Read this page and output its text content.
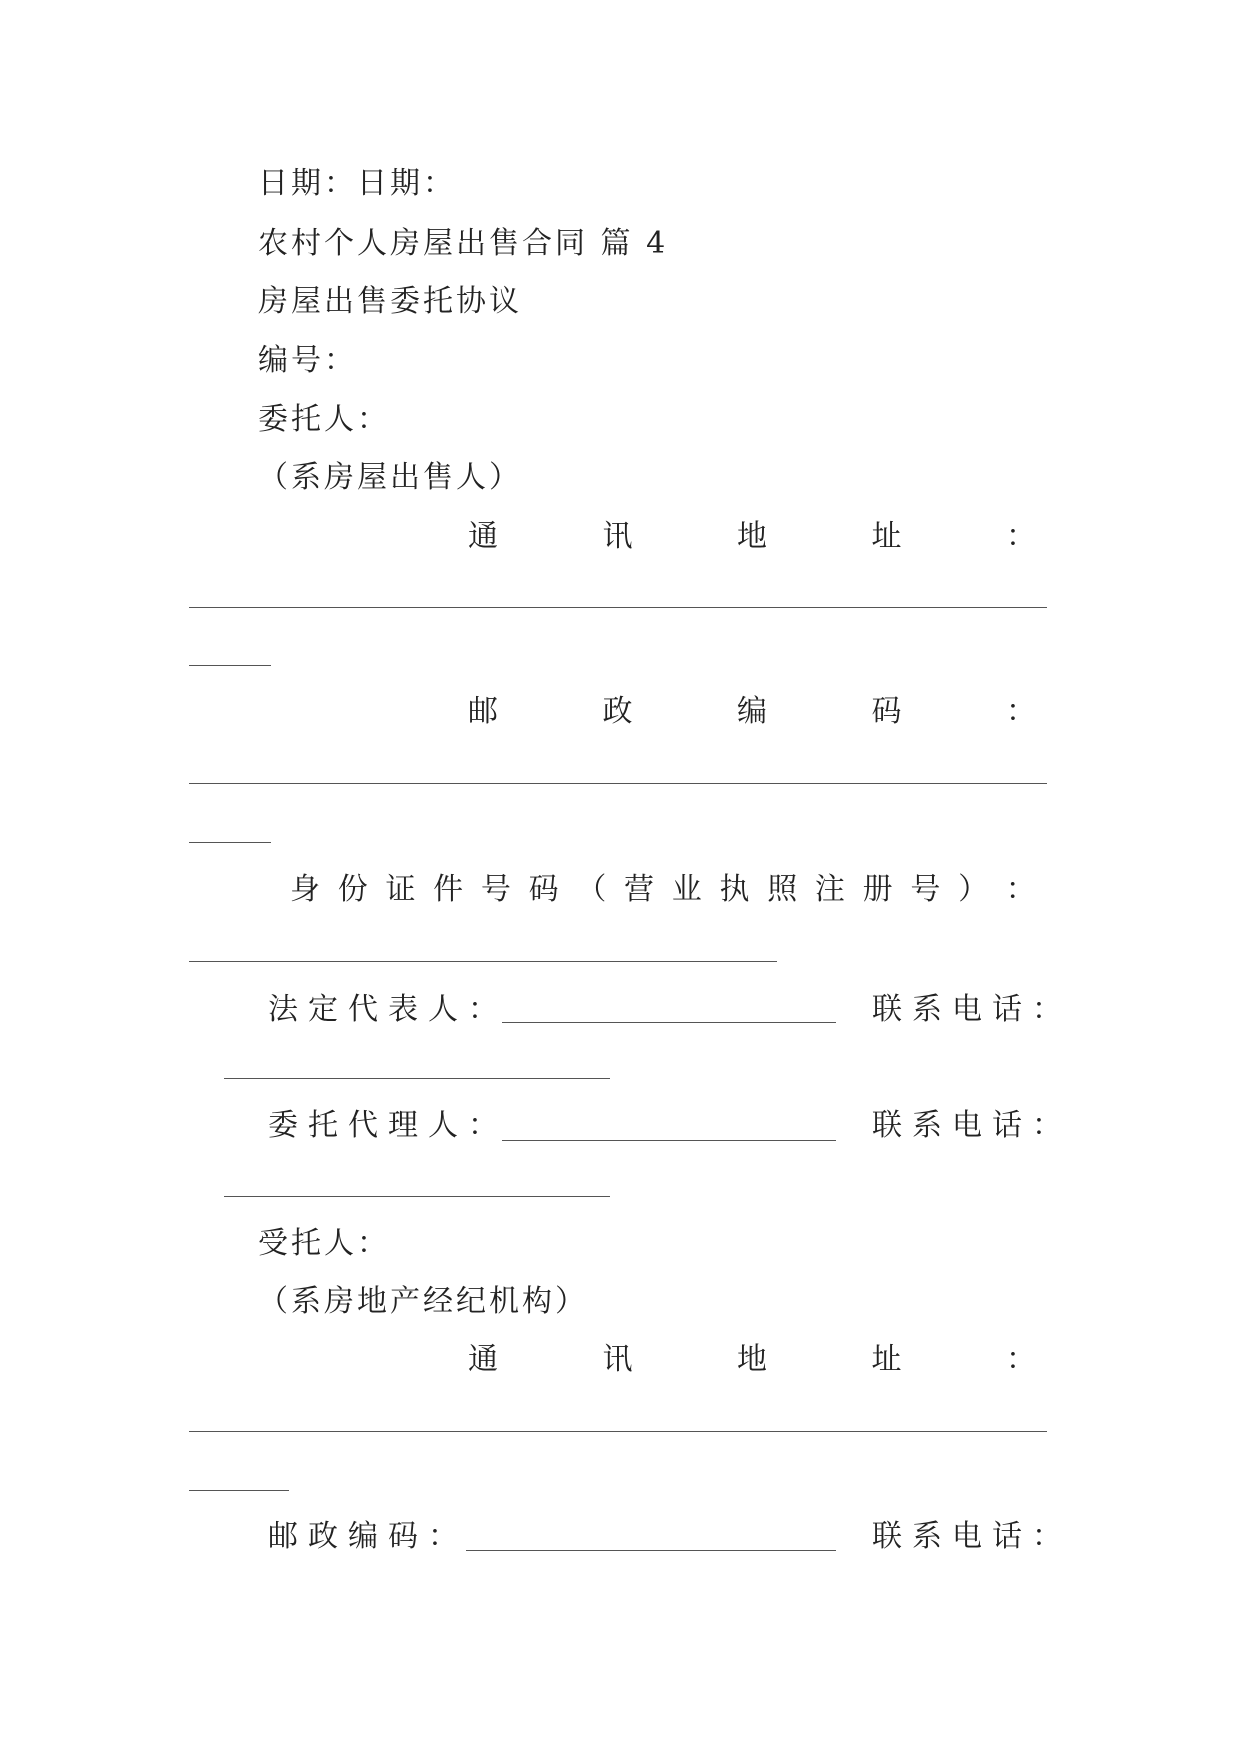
日期：日期：
农村个人房屋出售合同 篇 4
房屋出售委托协议
编号：
委托人：
（系房屋出售人）
通	讯	地	址	：
邮	政	编	码	：
身 份 证 件 号 码 （ 营 业 执 照 注 册 号 ） ：
法定代表人：	联系电话：
委托代理人：	联系电话：
受托人：
（系房地产经纪机构）
通	讯	地	址	：
邮政编码：	联系电话：
